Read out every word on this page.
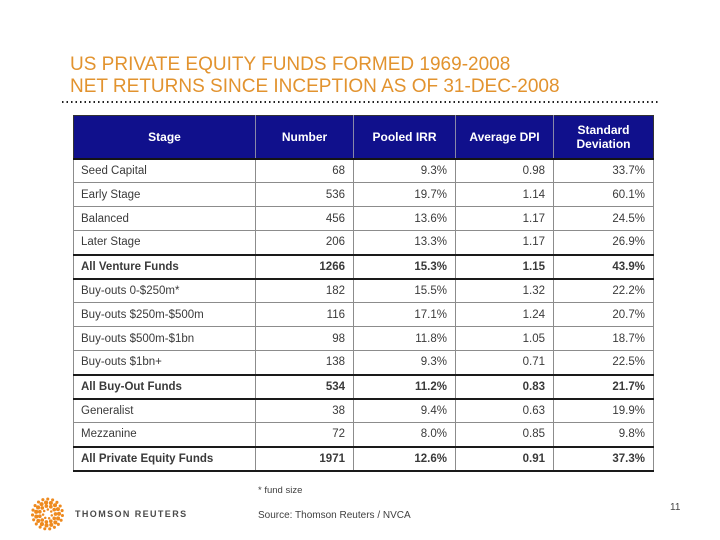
US PRIVATE EQUITY FUNDS FORMED 1969-2008
NET RETURNS SINCE INCEPTION AS OF 31-DEC-2008
Stage	Number	Pooled IRR	Average DPI	Standard Deviation
Seed Capital	68	9.3%	0.98	33.7%
Early Stage	536	19.7%	1.14	60.1%
Balanced	456	13.6%	1.17	24.5%
Later Stage	206	13.3%	1.17	26.9%
All Venture Funds	1266	15.3%	1.15	43.9%
Buy-outs 0-$250m*	182	15.5%	1.32	22.2%
Buy-outs $250m-$500m	116	17.1%	1.24	20.7%
Buy-outs $500m-$1bn	98	11.8%	1.05	18.7%
Buy-outs $1bn+	138	9.3%	0.71	22.5%
All Buy-Out Funds	534	11.2%	0.83	21.7%
Generalist	38	9.4%	0.63	19.9%
Mezzanine	72	8.0%	0.85	9.8%
All Private Equity Funds	1971	12.6%	0.91	37.3%
* fund size
Source: Thomson Reuters / NVCA
THOMSON REUTERS
11
